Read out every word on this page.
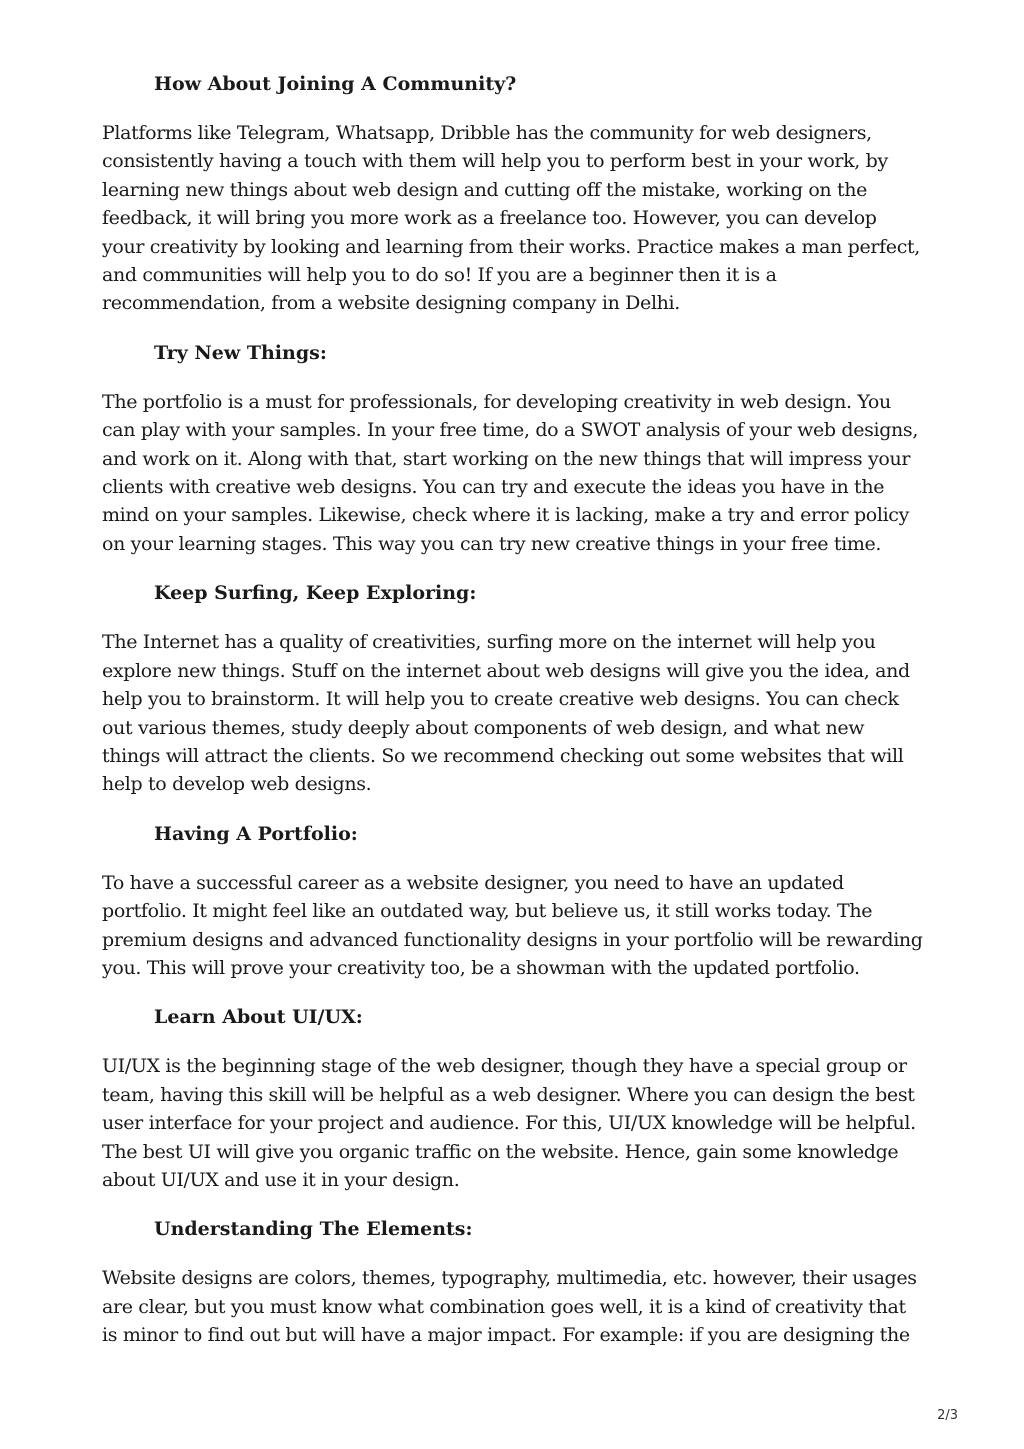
How About Joining A Community?

Platforms like Telegram, Whatsapp, Dribble has the community for web designers, consistently having a touch with them will help you to perform best in your work, by learning new things about web design and cutting off the mistake, working on the feedback, it will bring you more work as a freelance too. However, you can develop your creativity by looking and learning from their works. Practice makes a man perfect, and communities will help you to do so! If you are a beginner then it is a recommendation, from a website designing company in Delhi.

Try New Things:

The portfolio is a must for professionals, for developing creativity in web design. You can play with your samples. In your free time, do a SWOT analysis of your web designs, and work on it. Along with that, start working on the new things that will impress your clients with creative web designs. You can try and execute the ideas you have in the mind on your samples. Likewise, check where it is lacking, make a try and error policy on your learning stages. This way you can try new creative things in your free time.

Keep Surfing, Keep Exploring:

The Internet has a quality of creativities, surfing more on the internet will help you explore new things. Stuff on the internet about web designs will give you the idea, and help you to brainstorm. It will help you to create creative web designs. You can check out various themes, study deeply about components of web design, and what new things will attract the clients. So we recommend checking out some websites that will help to develop web designs.

Having A Portfolio:

To have a successful career as a website designer, you need to have an updated portfolio. It might feel like an outdated way, but believe us, it still works today. The premium designs and advanced functionality designs in your portfolio will be rewarding you. This will prove your creativity too, be a showman with the updated portfolio.

Learn About UI/UX:

UI/UX is the beginning stage of the web designer, though they have a special group or team, having this skill will be helpful as a web designer. Where you can design the best user interface for your project and audience. For this, UI/UX knowledge will be helpful. The best UI will give you organic traffic on the website. Hence, gain some knowledge about UI/UX and use it in your design.

Understanding The Elements:

Website designs are colors, themes, typography, multimedia, etc. however, their usages are clear, but you must know what combination goes well, it is a kind of creativity that is minor to find out but will have a major impact. For example: if you are designing the

2/3
